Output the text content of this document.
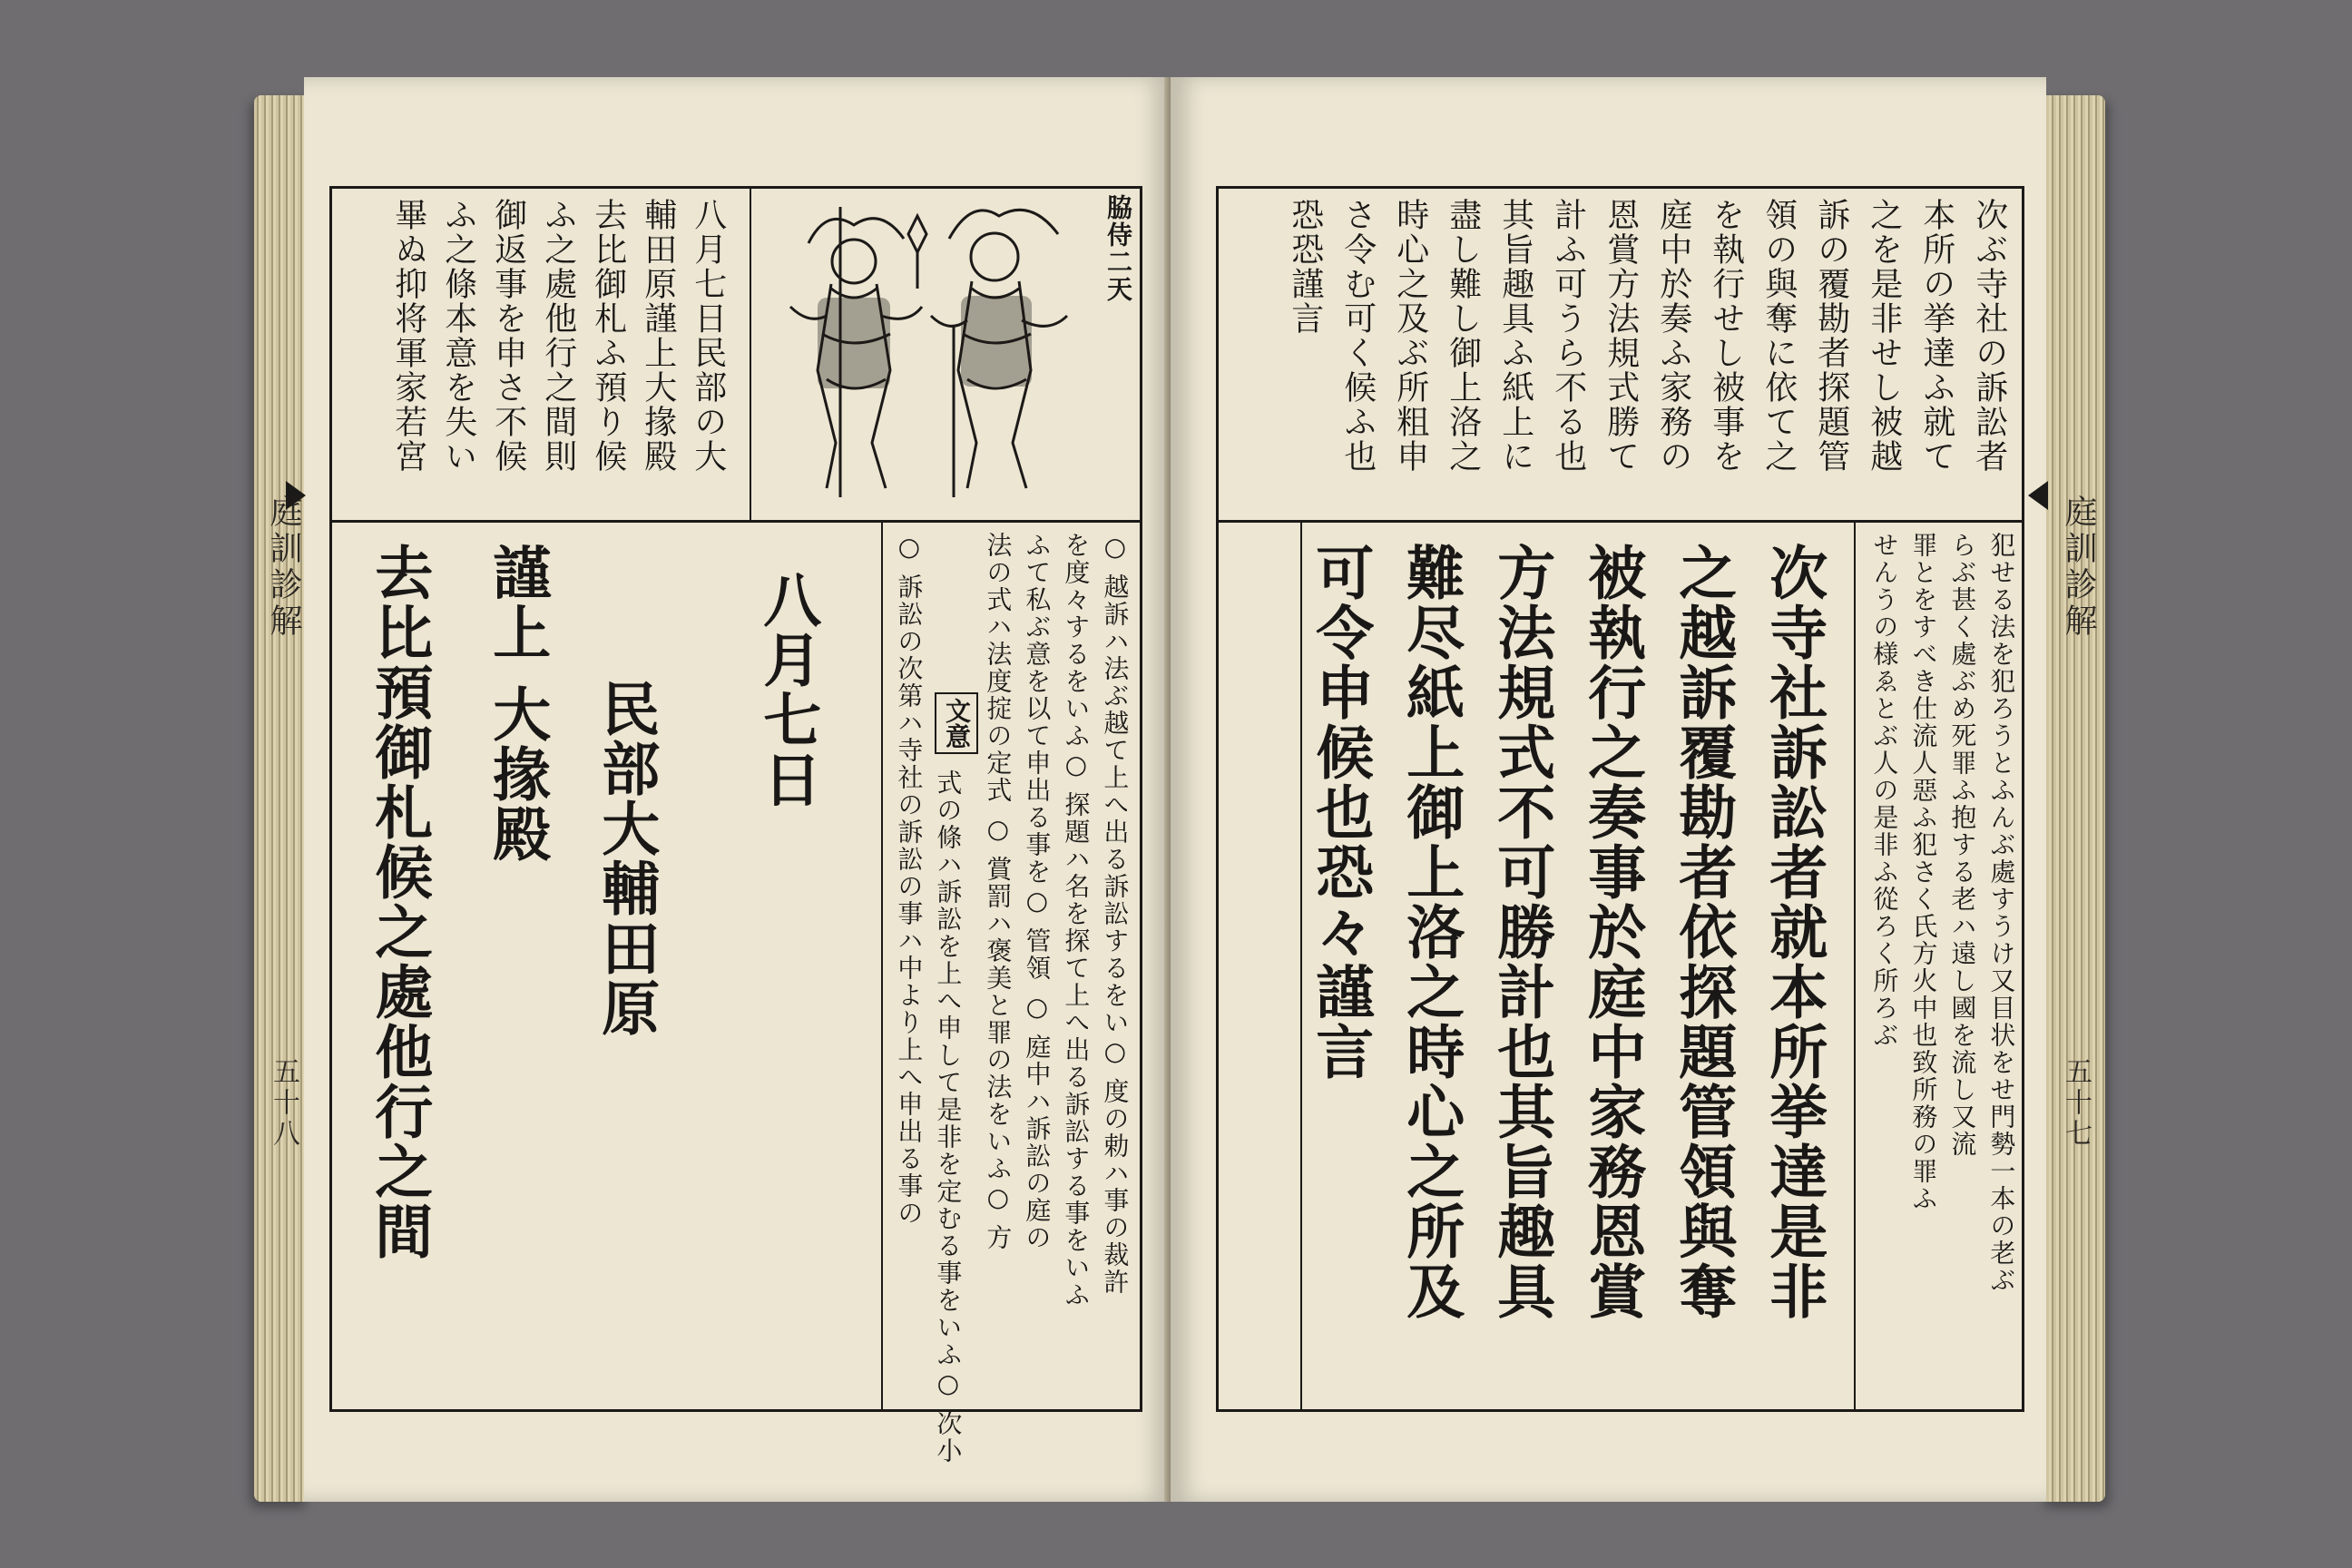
庭訓診解
五十八
八月七日民部の大
輔田原謹上大掾殿
去比御札ふ預り候
ふ之處他行之間則
御返事を申さ不候
ふ之條本意を失い
畢ぬ抑将軍家若宮	脇侍二天
○ 越訴ハ法ぶ越て上へ出る訴訟するをい○ 度の勅ハ事の裁許
を度々するをいふ○ 探題ハ名を探て上へ出る訴訟する事をいふ
ふて私ぶ意を以て申出る事を○ 管領 ○ 庭中ハ訴訟の庭の
法の式ハ法度掟の定式 ○ 賞罰ハ褒美と罪の法をいふ○ 方
文意
式の條ハ訴訟を上へ申して是非を定むる事をいふ○ 次小
○ 訴訟の次第ハ寺社の訴訟の事ハ中より上へ申出る事の
八月七日
民部大輔田原
謹上 大掾殿
去比預御札候之處他行之間	庭訓診解
五十七
次ぶ寺社の訴訟者
本所の挙達ふ就て
之を是非せし被越
訴の覆勘者探題管
領の與奪に依て之
を執行せし被事を
庭中於奏ふ家務の
恩賞方法規式勝て
計ふ可うら不る也
其旨趣具ふ紙上に
盡し難し御上洛之
時心之及ぶ所粗申
さ令む可く候ふ也
恐恐謹言
犯せる法を犯ろうとふんぶ處すうけ又目状をせ門勢一本の老ぶ
らぶ甚く處ぶめ死罪ふ抱する老ハ遠し國を流し又流
罪とをすべき仕流人惡ふ犯さく氏方火中也致所務の罪ふ
せんうの様ゑとぶ人の是非ふ從ろく所ろぶ
次寺社訴訟者就本所挙達是非
之越訴覆勘者依探題管領與奪
被執行之奏事於庭中家務恩賞
方法規式不可勝計也其旨趣具
難尽紙上御上洛之時心之所及
可令申候也恐々謹言
